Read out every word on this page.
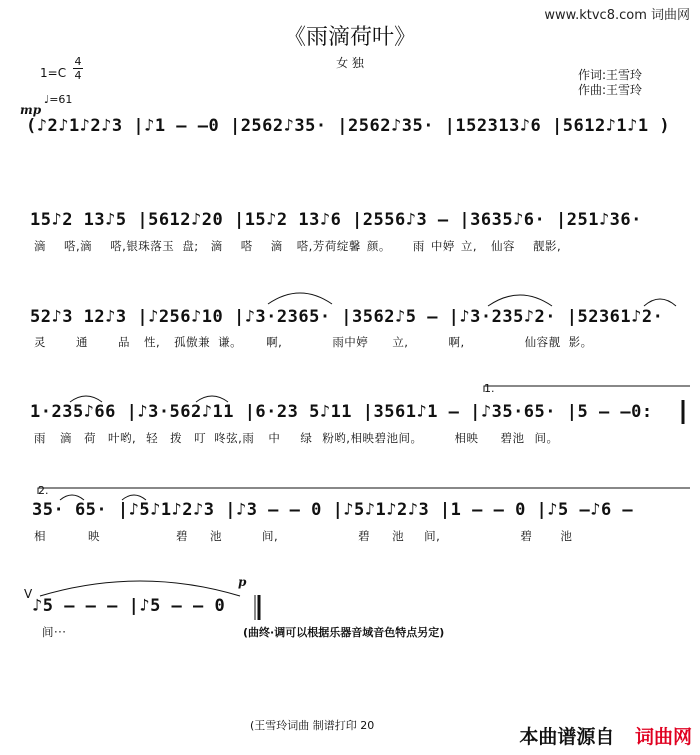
www.ktvc8.com 词曲网
《雨滴荷叶》
女 独
作词:王雪玲
作曲:王雪玲
1=C
4
4
♩=61
mp
(♪2♪1♪2♪3 |♪1 – –0 |2562♪35· |2562♪35· |152313♪6 |5612♪1♪1 )
15♪2 13♪5 |5612♪20 |15♪2 13♪6 |2556♪3 – |3635♪6· |251♪36·
滴 嗒,滴 嗒,银珠落玉 盘; 滴 嗒 滴 嗒,芳荷绽馨 颜。 雨 中婷 立, 仙容 靓影,
52♪3 12♪3 |♪256♪10 |♪3·2365· |3562♪5 – |♪3·235♪2· |52361♪2·
灵	通	品 性, 孤傲兼 谦。 啊,	雨中婷 立,	啊,	仙容靓 影。
1.
1·235♪66 |♪3·562♪11 |6·23 5♪11 |3561♪1 – |♪35·65· |5 – –0:
雨 滴 荷 叶哟, 轻 拨 叮 咚弦,雨 中 绿 粉哟,相映碧池间。	相映 碧池 间。
2.
35· 65· |♪5♪1♪2♪3 |♪3 – – 0 |♪5♪1♪2♪3 |1 – – 0 |♪5 –♪6 –
相	映	碧 池	间,	碧 池 间,	碧 池
V
p
♪5 – – – |♪5 – – 0
间···	(曲终·调可以根据乐器音域音色特点另定)
(王雪玲词曲 制谱打印 20
本曲谱源自 词曲网
